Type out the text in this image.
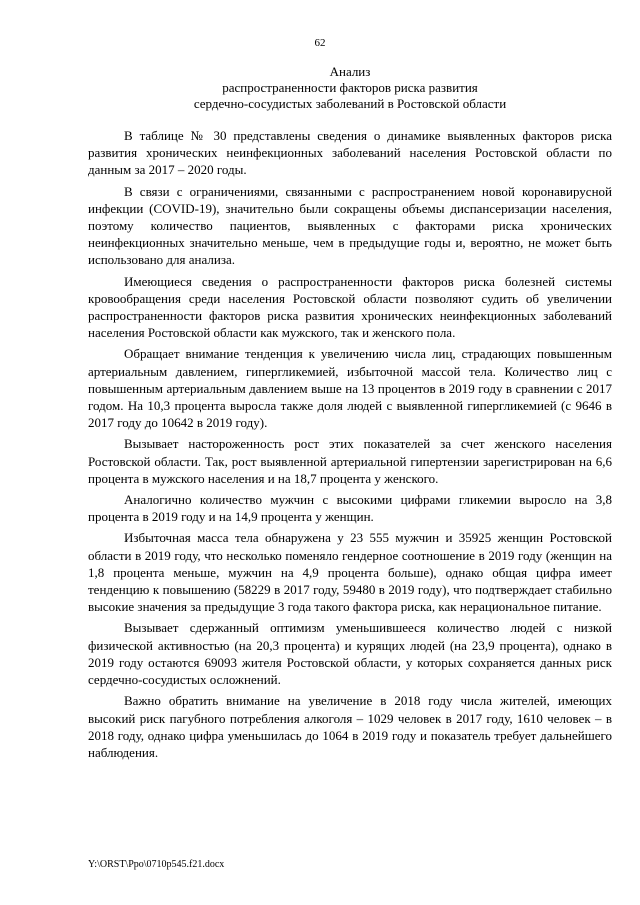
62
Анализ
распространенности факторов риска развития
сердечно-сосудистых заболеваний в Ростовской области

В таблице № 30 представлены сведения о динамике выявленных факторов риска развития хронических неинфекционных заболеваний населения Ростовской области по данным за 2017 – 2020 годы.

В связи с ограничениями, связанными с распространением новой коронавирусной инфекции (COVID-19), значительно были сокращены объемы диспансеризации населения, поэтому количество пациентов, выявленных с факторами риска хронических неинфекционных значительно меньше, чем в предыдущие годы и, вероятно, не может быть использовано для анализа.

Имеющиеся сведения о распространенности факторов риска болезней системы кровообращения среди населения Ростовской области позволяют судить об увеличении распространенности факторов риска развития хронических неинфекционных заболеваний населения Ростовской области как мужского, так и женского пола.

Обращает внимание тенденция к увеличению числа лиц, страдающих повышенным артериальным давлением, гипергликемией, избыточной массой тела. Количество лиц с повышенным артериальным давлением выше на 13 процентов в 2019 году в сравнении с 2017 годом. На 10,3 процента выросла также доля людей с выявленной гипергликемией (с 9646 в 2017 году до 10642 в 2019 году).

Вызывает настороженность рост этих показателей за счет женского населения Ростовской области. Так, рост выявленной артериальной гипертензии зарегистрирован на 6,6 процента в мужского населения и на 18,7 процента у женского.

Аналогично количество мужчин с высокими цифрами гликемии выросло на 3,8 процента в 2019 году и на 14,9 процента у женщин.

Избыточная масса тела обнаружена у 23 555 мужчин и 35925 женщин Ростовской области в 2019 году, что несколько поменяло гендерное соотношение в 2019 году (женщин на 1,8 процента меньше, мужчин на 4,9 процента больше), однако общая цифра имеет тенденцию к повышению (58229 в 2017 году, 59480 в 2019 году), что подтверждает стабильно высокие значения за предыдущие 3 года такого фактора риска, как нерациональное питание.

Вызывает сдержанный оптимизм уменьшившееся количество людей с низкой физической активностью (на 20,3 процента) и курящих людей (на 23,9 процента), однако в 2019 году остаются 69093 жителя Ростовской области, у которых сохраняется данных риск сердечно-сосудистых осложнений.

Важно обратить внимание на увеличение в 2018 году числа жителей, имеющих высокий риск пагубного потребления алкоголя – 1029 человек в 2017 году, 1610 человек – в 2018 году, однако цифра уменьшилась до 1064 в 2019 году и показатель требует дальнейшего наблюдения.

Y:\ORST\Ppo\0710p545.f21.docx
